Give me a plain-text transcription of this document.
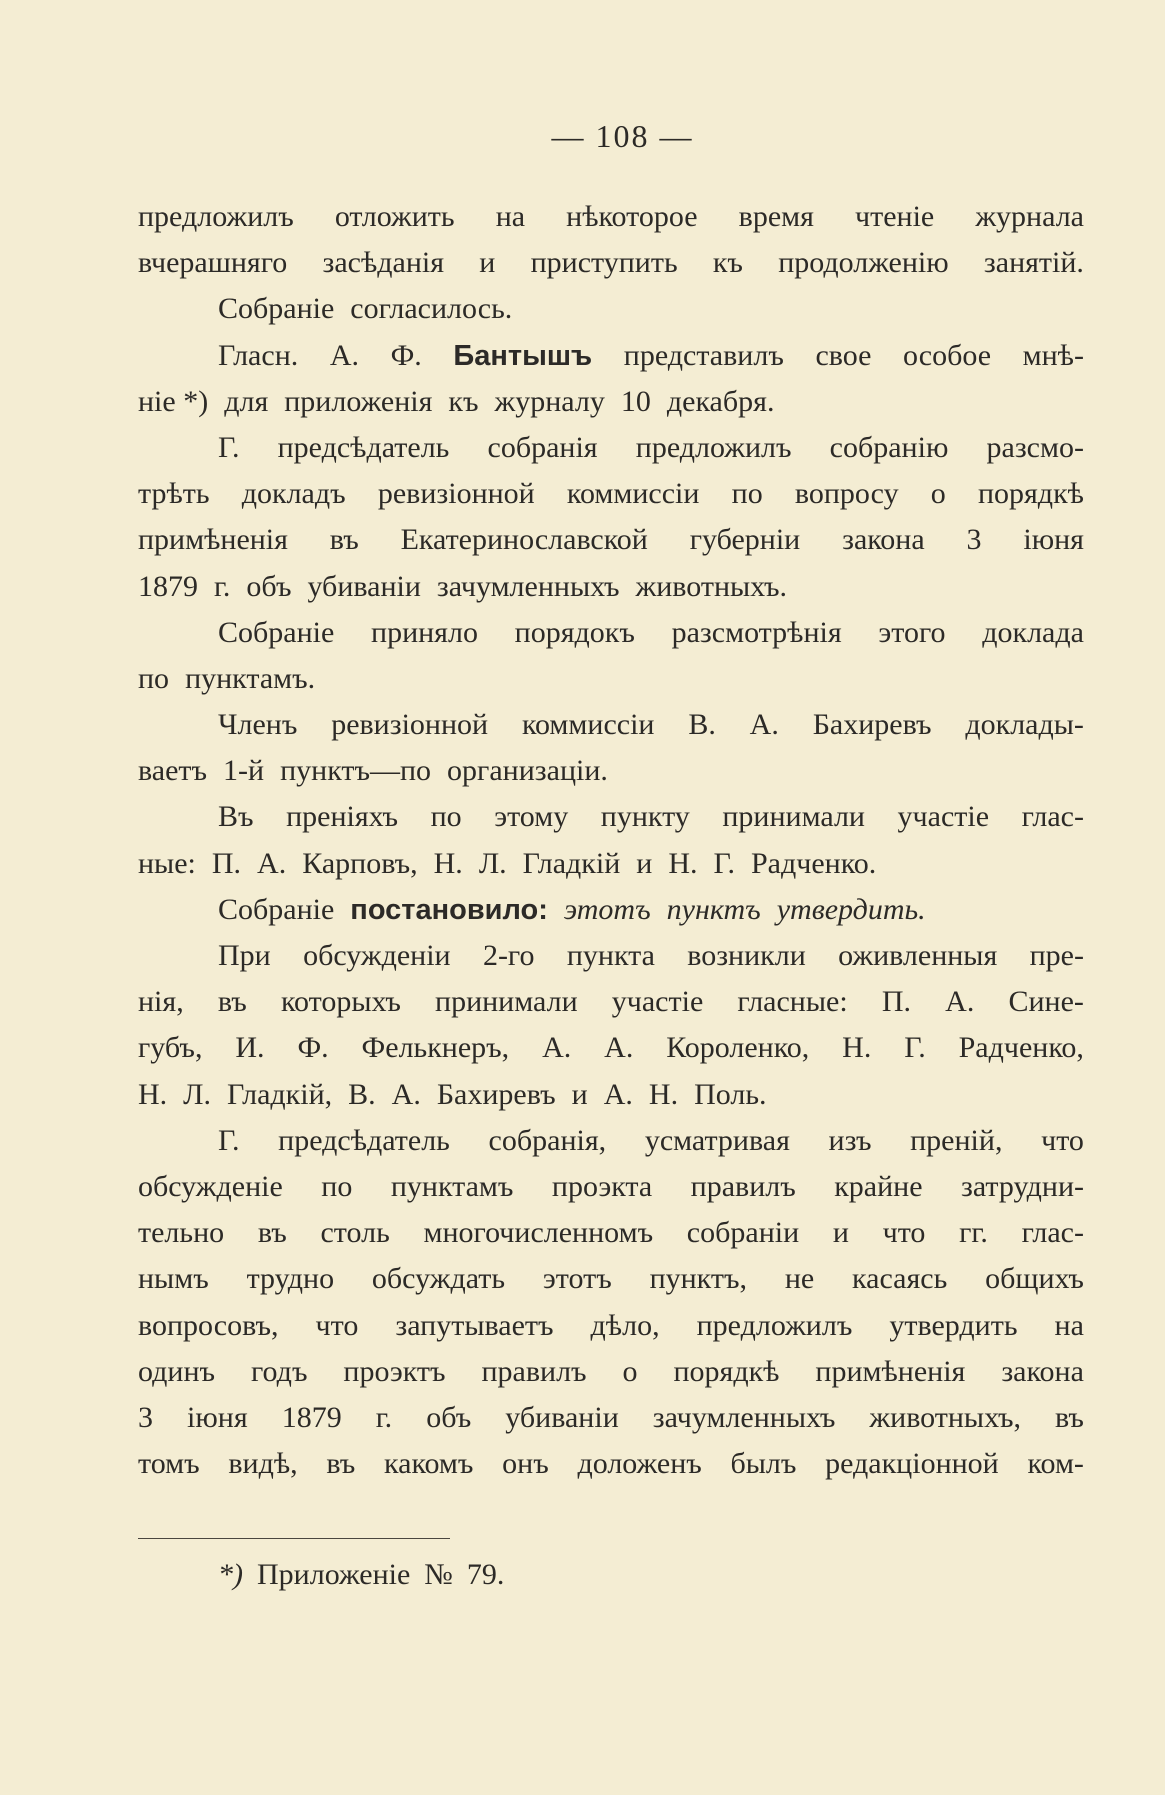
— 108 —
предложилъ отложить на нѣкоторое время чтеніе журнала
вчерашняго засѣданія и приступить къ продолженію занятій.
Собраніе согласилось.
Гласн. А. Ф. Бантышъ представилъ свое особое мнѣ-
ніе *) для приложенія къ журналу 10 декабря.
Г. предсѣдатель собранія предложилъ собранію разсмо-
трѣть докладъ ревизіонной коммиссіи по вопросу о порядкѣ
примѣненія въ Екатеринославской губерніи закона 3 іюня
1879 г. объ убиваніи зачумленныхъ животныхъ.
Собраніе приняло порядокъ разсмотрѣнія этого доклада
по пунктамъ.
Членъ ревизіонной коммиссіи В. А. Бахиревъ доклады-
ваетъ 1-й пунктъ—по организаціи.
Въ преніяхъ по этому пункту принимали участіе глас-
ные: П. А. Карповъ, Н. Л. Гладкій и Н. Г. Радченко.
Собраніе постановило: этотъ пунктъ утвердить.
При обсужденіи 2-го пункта возникли оживленныя пре-
нія, въ которыхъ принимали участіе гласные: П. А. Сине-
губъ, И. Ф. Фелькнеръ, А. А. Короленко, Н. Г. Радченко,
Н. Л. Гладкій, В. А. Бахиревъ и А. Н. Поль.
Г. предсѣдатель собранія, усматривая изъ преній, что
обсужденіе по пунктамъ проэкта правилъ крайне затрудни-
тельно въ столь многочисленномъ собраніи и что гг. глас-
нымъ трудно обсуждать этотъ пунктъ, не касаясь общихъ
вопросовъ, что запутываетъ дѣло, предложилъ утвердить на
одинъ годъ проэктъ правилъ о порядкѣ примѣненія закона
3 іюня 1879 г. объ убиваніи зачумленныхъ животныхъ, въ
томъ видѣ, въ какомъ онъ доложенъ былъ редакціонной ком-
*) Приложеніе № 79.
